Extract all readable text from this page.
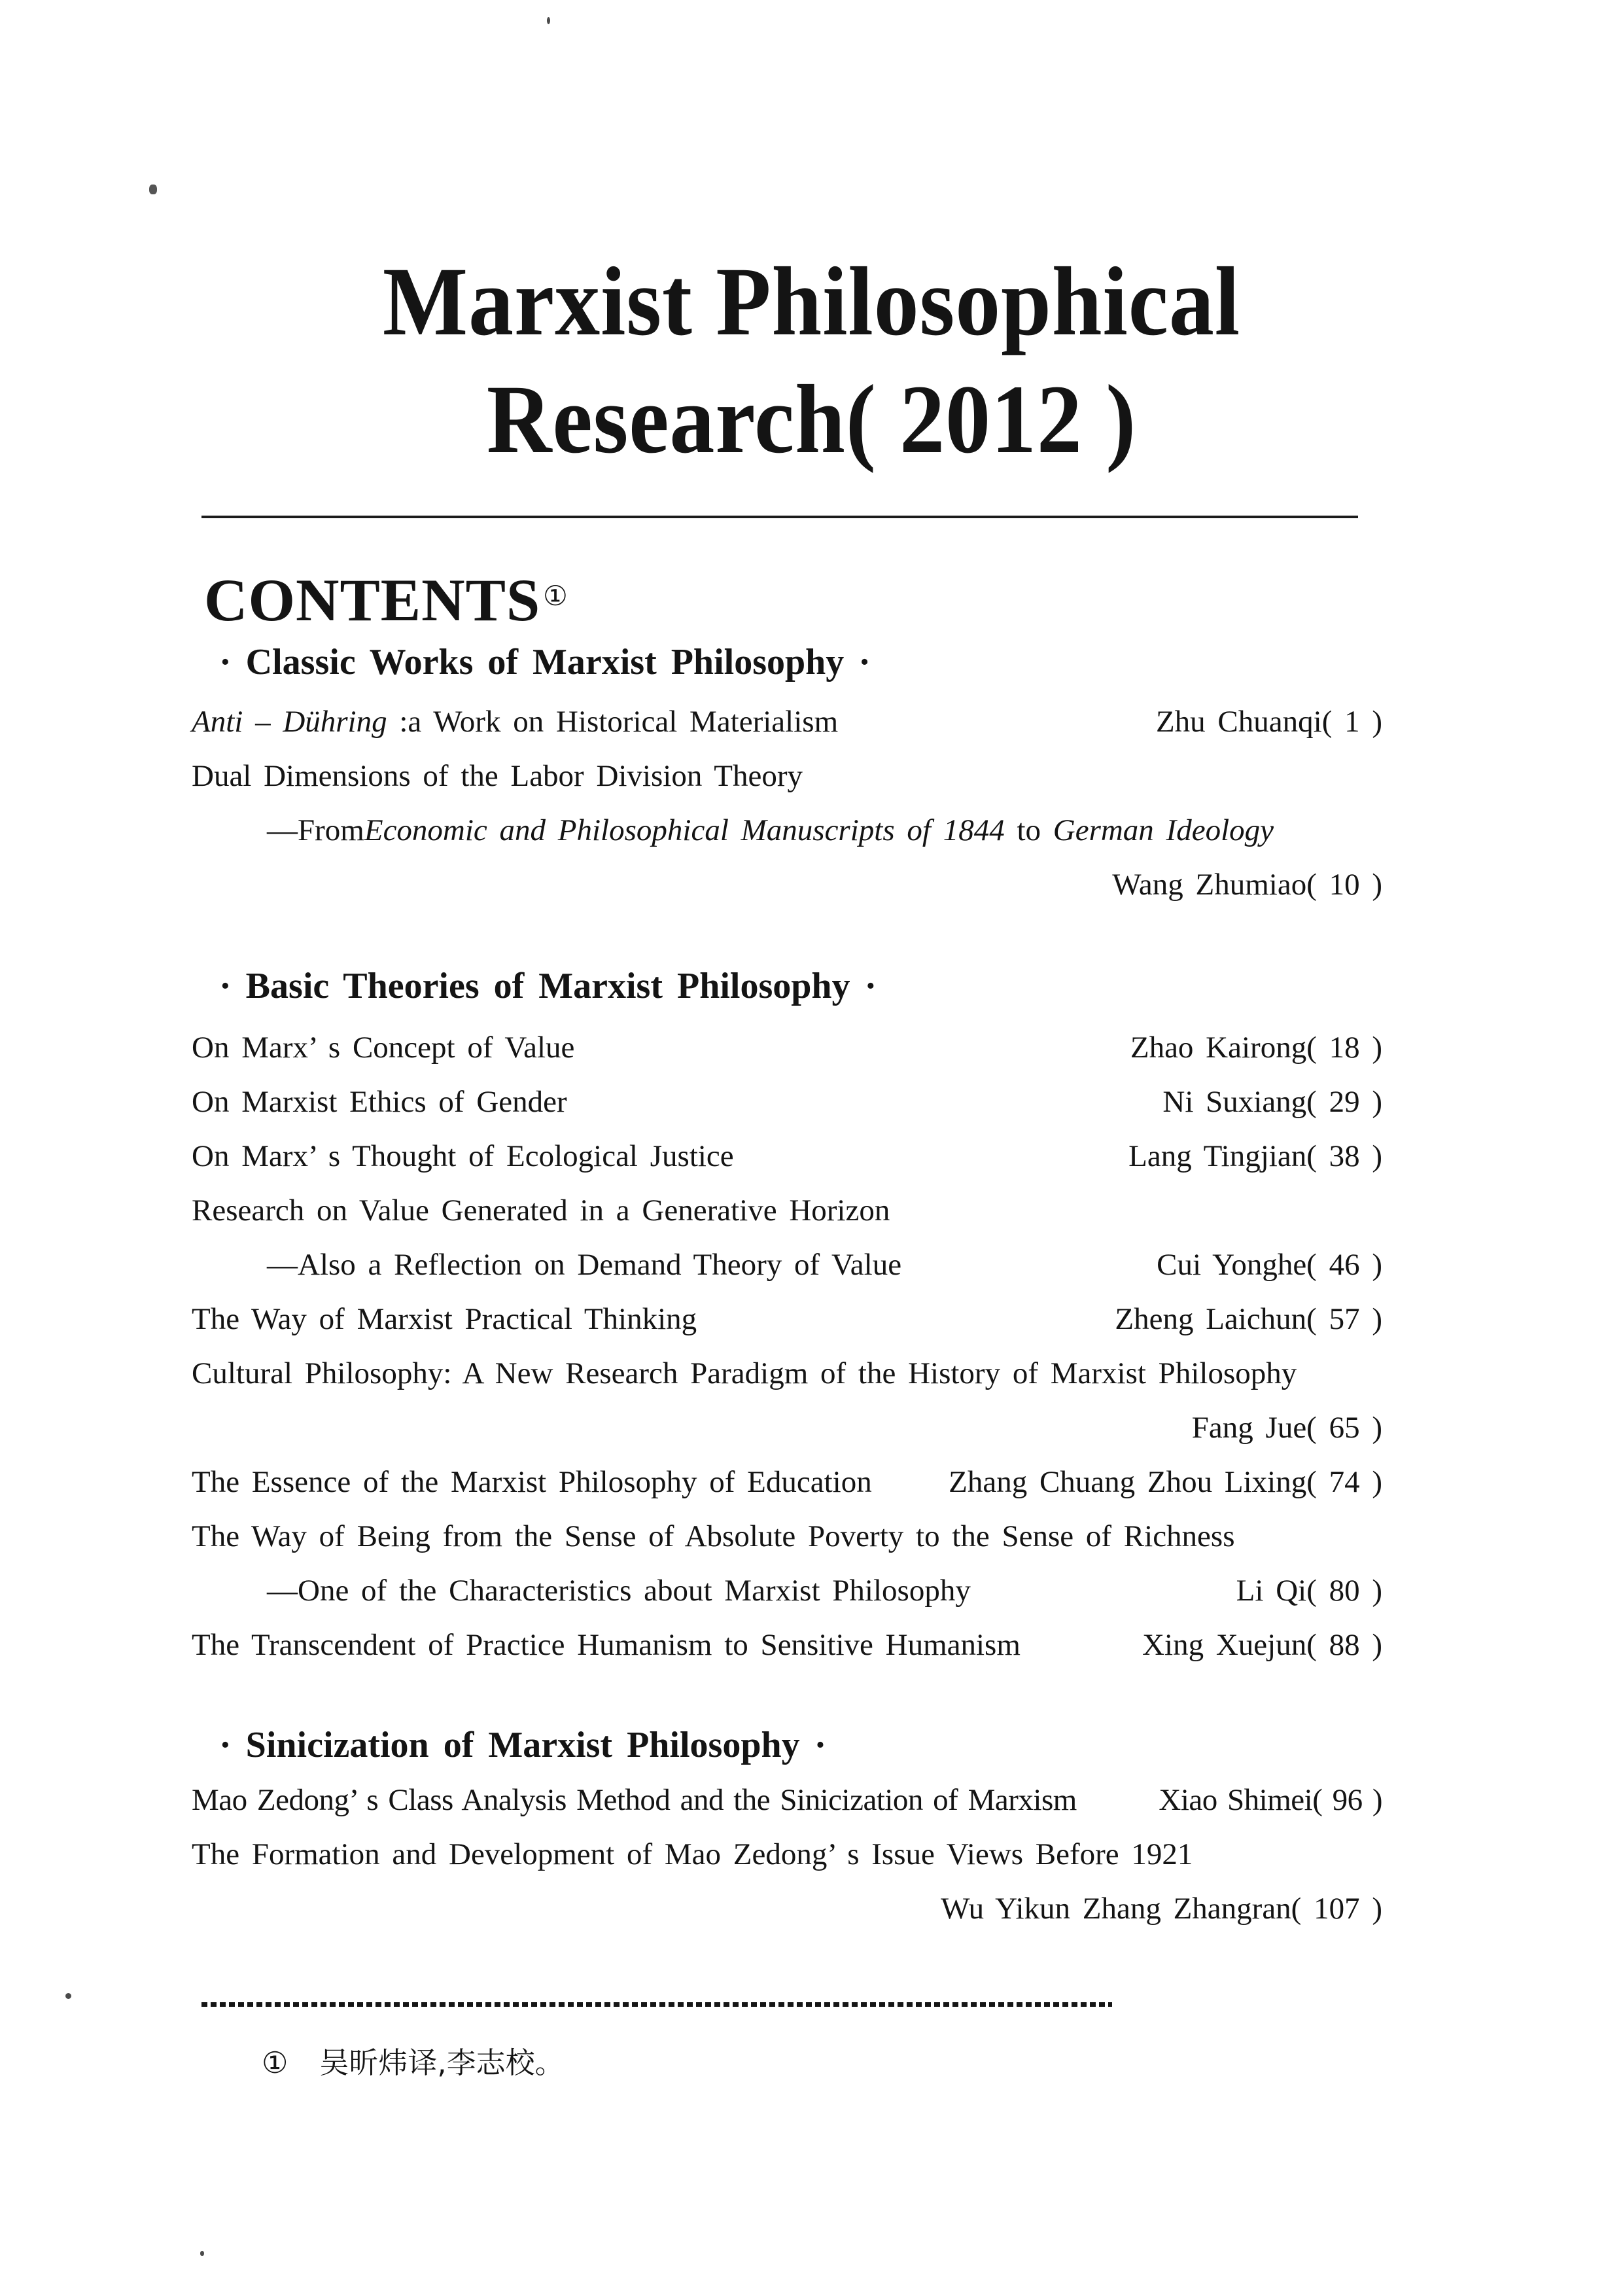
Marxist Philosophical
Research( 2012 )
CONTENTS①
· Classic Works of Marxist Philosophy ·
Anti – Dühring :a Work on Historical Materialism	Zhu Chuanqi( 1 )
Dual Dimensions of the Labor Division Theory
—FromEconomic and Philosophical Manuscripts of 1844 to German Ideology
Wang Zhumiao( 10 )
· Basic Theories of Marxist Philosophy ·
On Marx’ s Concept of Value	Zhao Kairong( 18 )
On Marxist Ethics of Gender	Ni Suxiang( 29 )
On Marx’ s Thought of Ecological Justice	Lang Tingjian( 38 )
Research on Value Generated in a Generative Horizon
—Also a Reflection on Demand Theory of Value	Cui Yonghe( 46 )
The Way of Marxist Practical Thinking	Zheng Laichun( 57 )
Cultural Philosophy: A New Research Paradigm of the History of Marxist Philosophy
Fang Jue( 65 )
The Essence of the Marxist Philosophy of Education	Zhang Chuang Zhou Lixing( 74 )
The Way of Being from the Sense of Absolute Poverty to the Sense of Richness
—One of the Characteristics about Marxist Philosophy	Li Qi( 80 )
The Transcendent of Practice Humanism to Sensitive Humanism	Xing Xuejun( 88 )
· Sinicization of Marxist Philosophy ·
Mao Zedong’ s Class Analysis Method and the Sinicization of Marxism	Xiao Shimei( 96 )
The Formation and Development of Mao Zedong’ s Issue Views Before 1921
Wu Yikun Zhang Zhangran( 107 )
① 吴昕炜译,李志校。
